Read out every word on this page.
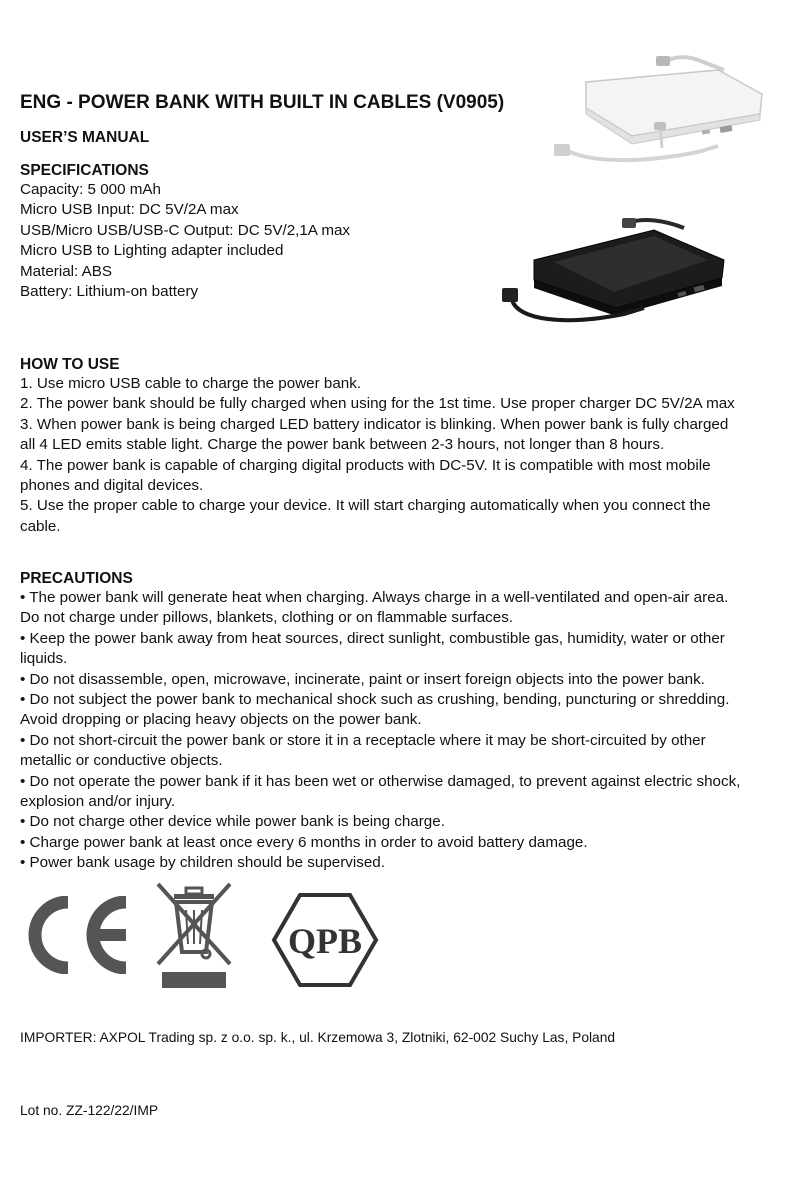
ENG - POWER BANK WITH BUILT IN CABLES (V0905)
USER’S MANUAL
SPECIFICATIONS
Capacity: 5 000 mAh
Micro USB Input: DC 5V/2A max
USB/Micro USB/USB-C Output: DC 5V/2,1A max
Micro USB to Lighting adapter included
Material: ABS
Battery: Lithium-on battery
HOW TO USE
1. Use micro USB cable to charge the power bank.
2. The power bank should be fully charged when using for the 1st time. Use proper charger DC 5V/2A max
3. When power bank is being charged LED battery indicator is blinking. When power bank is fully charged
all 4 LED emits stable light. Charge the power bank between 2-3 hours, not longer than 8 hours.
4. The power bank is capable of charging digital products with DC-5V. It is compatible with most mobile
phones and digital devices.
5. Use the proper cable to charge your device. It will start charging automatically when you connect the
cable.
PRECAUTIONS
• The power bank will generate heat when charging. Always charge in a well-ventilated and open-air area.
Do not charge under pillows, blankets, clothing or on flammable surfaces.
• Keep the power bank away from heat sources, direct sunlight, combustible gas, humidity, water or other
liquids.
• Do not disassemble, open, microwave, incinerate, paint or insert foreign objects into the power bank.
• Do not subject the power bank to mechanical shock such as crushing, bending, puncturing or shredding.
Avoid dropping or placing heavy objects on the power bank.
• Do not short-circuit the power bank or store it in a receptacle where it may be short-circuited by other
metallic or conductive objects.
• Do not operate the power bank if it has been wet or otherwise damaged, to prevent against electric shock,
explosion and/or injury.
• Do not charge other device while power bank is being charge.
• Charge power bank at least once every 6 months in order to avoid battery damage.
• Power bank usage by children should be supervised.
QPB
IMPORTER: AXPOL Trading sp. z o.o. sp. k., ul. Krzemowa 3, Zlotniki, 62-002 Suchy Las, Poland
Lot no. ZZ-122/22/IMP
